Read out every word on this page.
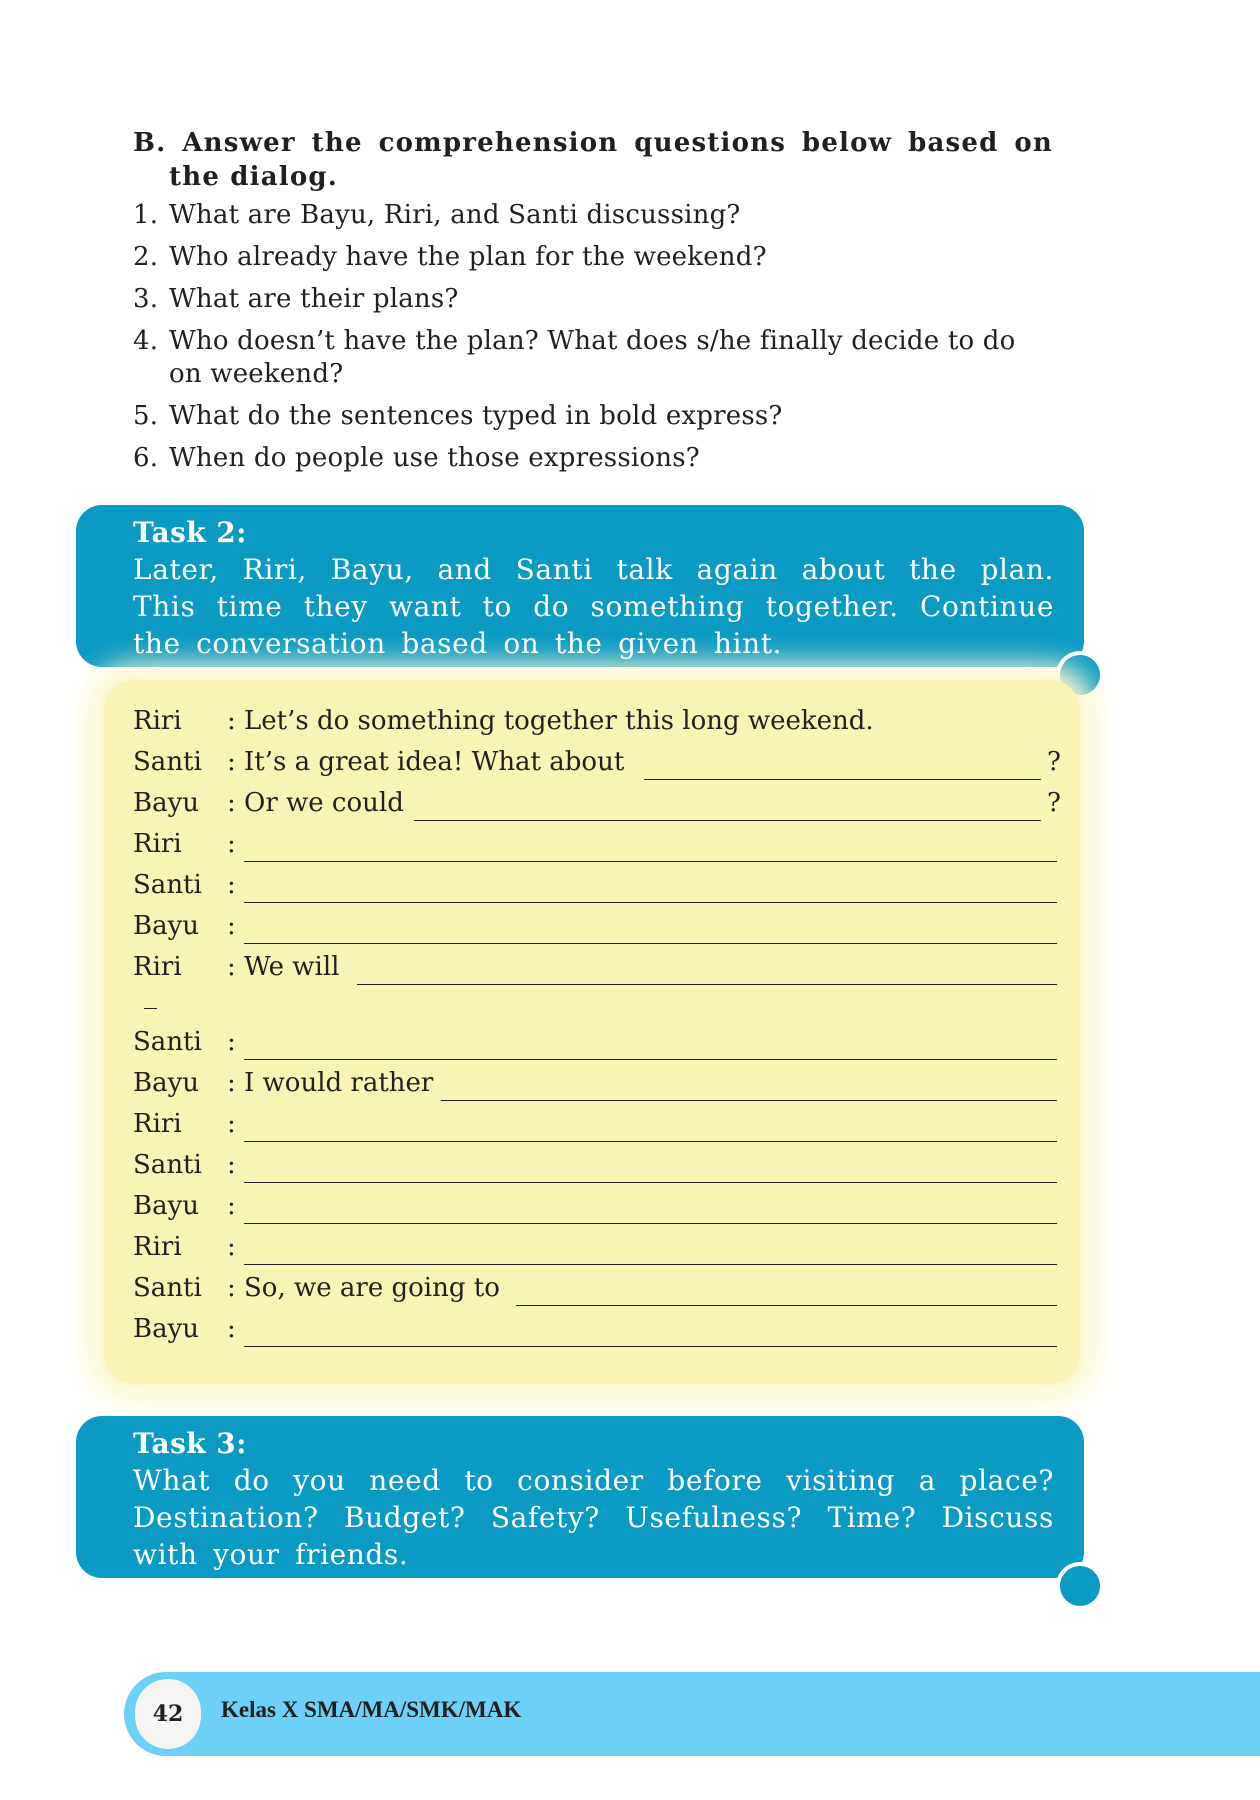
B. Answer the comprehension questions below based on the dialog.

1. What are Bayu, Riri, and Santi discussing?
2. Who already have the plan for the weekend?
3. What are their plans?
4. Who doesn’t have the plan? What does s/he finally decide to do on weekend?
5. What do the sentences typed in bold express?
6. When do people use those expressions?
Task 2:
Later, Riri, Bayu, and Santi talk again about the plan. This time they want to do something together. Continue the conversation based on the given hint.
Riri	: Let’s do something together this long weekend.
Santi : It’s a great idea! What about	?
Bayu	: Or we could	?
Riri	:
Santi :
Bayu	:
Riri	: We will
_
Santi :
Bayu	: I would rather
Riri	:
Santi :
Bayu	:
Riri	:
Santi : So, we are going to
Bayu	:
Task 3:
What do you need to consider before visiting a place? Destination? Budget? Safety? Usefulness? Time? Discuss with your friends.
42	Kelas X SMA/MA/SMK/MAK
